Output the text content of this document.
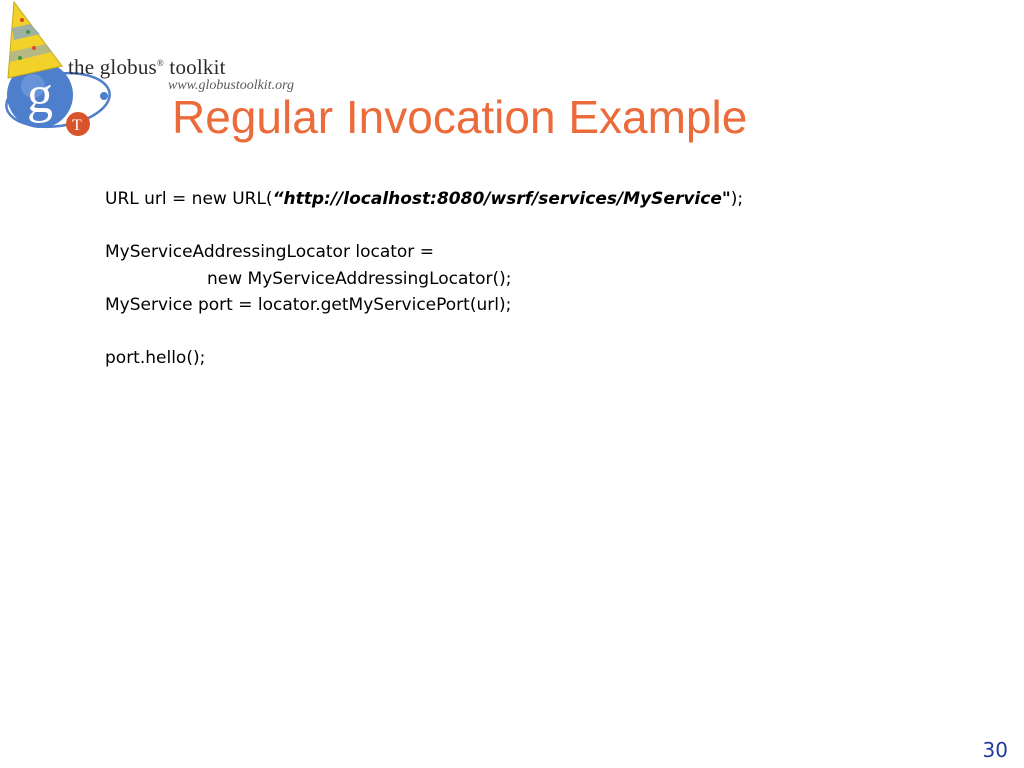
g
T
the globus® toolkit
www.globustoolkit.org
Regular Invocation Example
URL url = new URL(“http://localhost:8080/wsrf/services/MyService");
MyServiceAddressingLocator locator =
new MyServiceAddressingLocator();
MyService port = locator.getMyServicePort(url);
port.hello();
30
